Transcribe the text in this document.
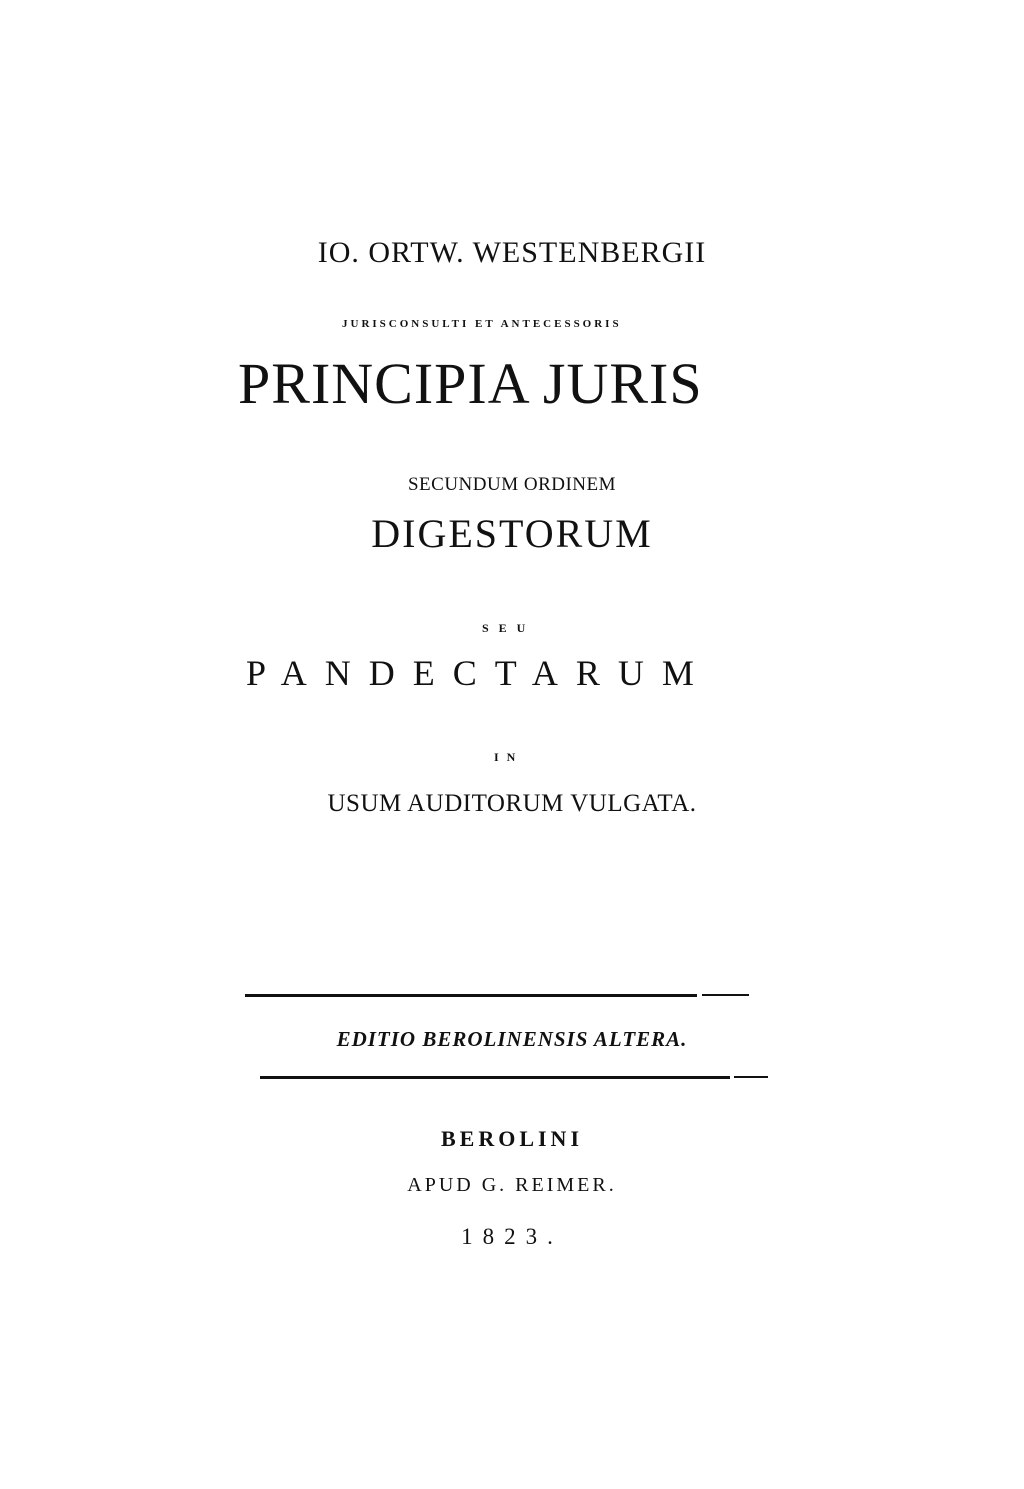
IO. ORTW. WESTENBERGII
JURISCONSULTI ET ANTECESSORIS
PRINCIPIA JURIS
SECUNDUM ORDINEM
DIGESTORUM
SEU
PANDECTARUM
IN
USUM AUDITORUM VULGATA.
EDITIO BEROLINENSIS ALTERA.
BEROLINI
APUD G. REIMER.
1823.
